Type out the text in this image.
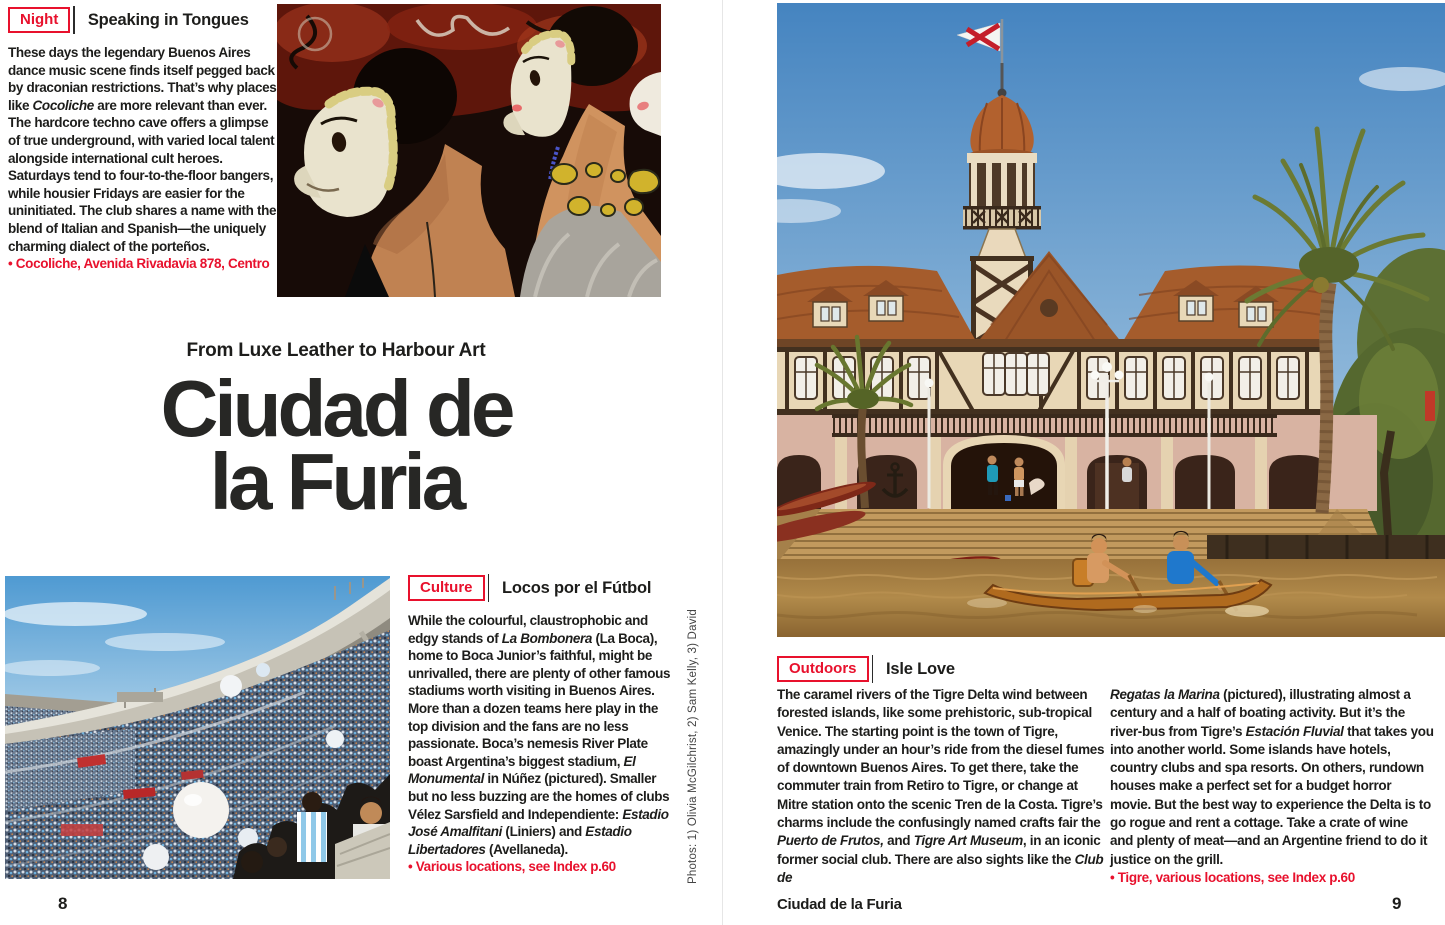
Night	Speaking in Tongues
These days the legendary Buenos Aires dance music scene finds itself pegged back by draconian restrictions. That’s why places like Cocoliche are more relevant than ever. The hardcore techno cave offers a glimpse of true underground, with varied local talent alongside international cult heroes. Saturdays tend to four-to-the-floor bangers, while housier Fridays are easier for the uninitiated. The club shares a name with the blend of Italian and Spanish—the uniquely charming dialect of the porteños.
• Cocoliche, Avenida Rivadavia 878, Centro
From Luxe Leather to Harbour Art
Ciudad de
la Furia
Culture	Locos por el Fútbol
While the colourful, claustrophobic and edgy stands of La Bombonera (La Boca), home to Boca Junior’s faithful, might be unrivalled, there are plenty of other famous stadiums worth visiting in Buenos Aires. More than a dozen teams here play in the top division and the fans are no less passionate. Boca’s nemesis River Plate boast Argentina’s biggest stadium, El Monumental in Núñez (pictured). Smaller but no less buzzing are the homes of clubs Vélez Sarsfield and Independiente: Estadio José Amalfitani (Liniers) and Estadio Libertadores (Avellaneda).
• Various locations, see Index p.60	Photos: 1) Olivia McGilchrist, 2) Sam Kelly, 3) David
8
Outdoors	Isle Love
The caramel rivers of the Tigre Delta wind between forested islands, like some prehistoric, sub-tropical Venice. The starting point is the town of Tigre, amazingly under an hour’s ride from the diesel fumes of downtown Buenos Aires. To get there, take the commuter train from Retiro to Tigre, or change at Mitre station onto the scenic Tren de la Costa. Tigre’s charms include the confusingly named crafts fair the Puerto de Frutos, and Tigre Art Museum, in an iconic former social club. There are also sights like the Club de
Regatas la Marina (pictured), illustrating almost a century and a half of boating activity. But it’s the river-bus from Tigre’s Estación Fluvial that takes you into another world. Some islands have hotels, country clubs and spa resorts. On others, rundown houses make a perfect set for a budget horror movie. But the best way to experience the Delta is to go rogue and rent a cottage. Take a crate of wine and plenty of meat—and an Argentine friend to do it justice on the grill.
• Tigre, various locations, see Index p.60
Ciudad de la Furia	9
